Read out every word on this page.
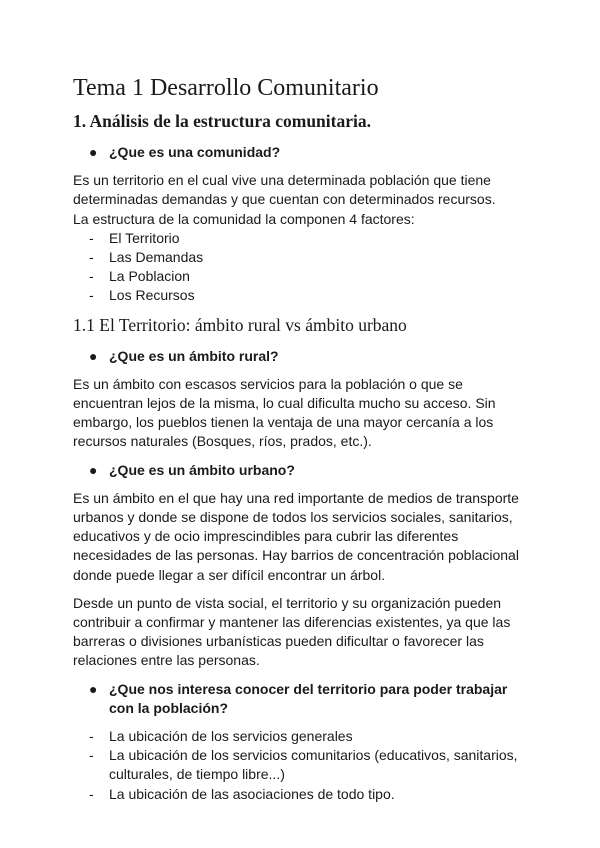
Tema 1 Desarrollo Comunitario
1. Análisis de la estructura comunitaria.
● ¿Que es una comunidad?

Es un territorio en el cual vive una determinada población que tiene determinadas demandas y que cuentan con determinados recursos.

La estructura de la comunidad la componen 4 factores:

- El Territorio
- Las Demandas
- La Poblacion
- Los Recursos
1.1 El Territorio: ámbito rural vs ámbito urbano
● ¿Que es un ámbito rural?

Es un ámbito con escasos servicios para la población o que se encuentran lejos de la misma, lo cual dificulta mucho su acceso. Sin embargo, los pueblos tienen la ventaja de una mayor cercanía a los recursos naturales (Bosques, ríos, prados, etc.).

● ¿Que es un ámbito urbano?

Es un ámbito en el que hay una red importante de medios de transporte urbanos y donde se dispone de todos los servicios sociales, sanitarios, educativos y de ocio imprescindibles para cubrir las diferentes necesidades de las personas. Hay barrios de concentración poblacional donde puede llegar a ser difícil encontrar un árbol.

Desde un punto de vista social, el territorio y su organización pueden contribuir a confirmar y mantener las diferencias existentes, ya que las barreras o divisiones urbanísticas pueden dificultar o favorecer las relaciones entre las personas.

● ¿Que nos interesa conocer del territorio para poder trabajar con la población?
- La ubicación de los servicios generales
- La ubicación de los servicios comunitarios (educativos, sanitarios, culturales, de tiempo libre...)
- La ubicación de las asociaciones de todo tipo.
